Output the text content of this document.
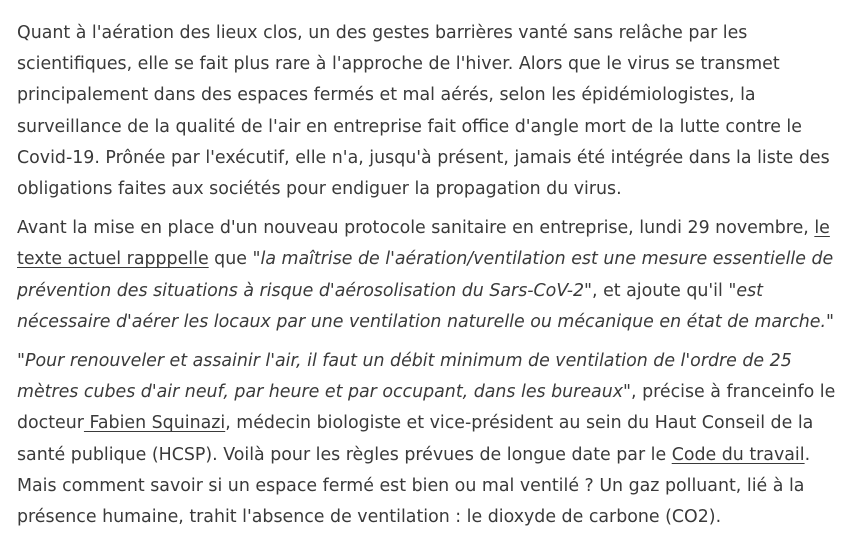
Quant à l'aération des lieux clos, un des gestes barrières vanté sans relâche par les scientifiques, elle se fait plus rare à l'approche de l'hiver. Alors que le virus se transmet principalement dans des espaces fermés et mal aérés, selon les épidémiologistes, la surveillance de la qualité de l'air en entreprise fait office d'angle mort de la lutte contre le Covid-19. Prônée par l'exécutif, elle n'a, jusqu'à présent, jamais été intégrée dans la liste des obligations faites aux sociétés pour endiguer la propagation du virus.

Avant la mise en place d'un nouveau protocole sanitaire en entreprise, lundi 29 novembre, le texte actuel rapppelle que "la maîtrise de l'aération/ventilation est une mesure essentielle de prévention des situations à risque d'aérosolisation du Sars-CoV-2", et ajoute qu'il "est nécessaire d'aérer les locaux par une ventilation naturelle ou mécanique en état de marche."

"Pour renouveler et assainir l'air, il faut un débit minimum de ventilation de l'ordre de 25 mètres cubes d'air neuf, par heure et par occupant, dans les bureaux", précise à franceinfo le docteur Fabien Squinazi, médecin biologiste et vice-président au sein du Haut Conseil de la santé publique (HCSP). Voilà pour les règles prévues de longue date par le Code du travail. Mais comment savoir si un espace fermé est bien ou mal ventilé ? Un gaz polluant, lié à la présence humaine, trahit l'absence de ventilation : le dioxyde de carbone (CO2).
